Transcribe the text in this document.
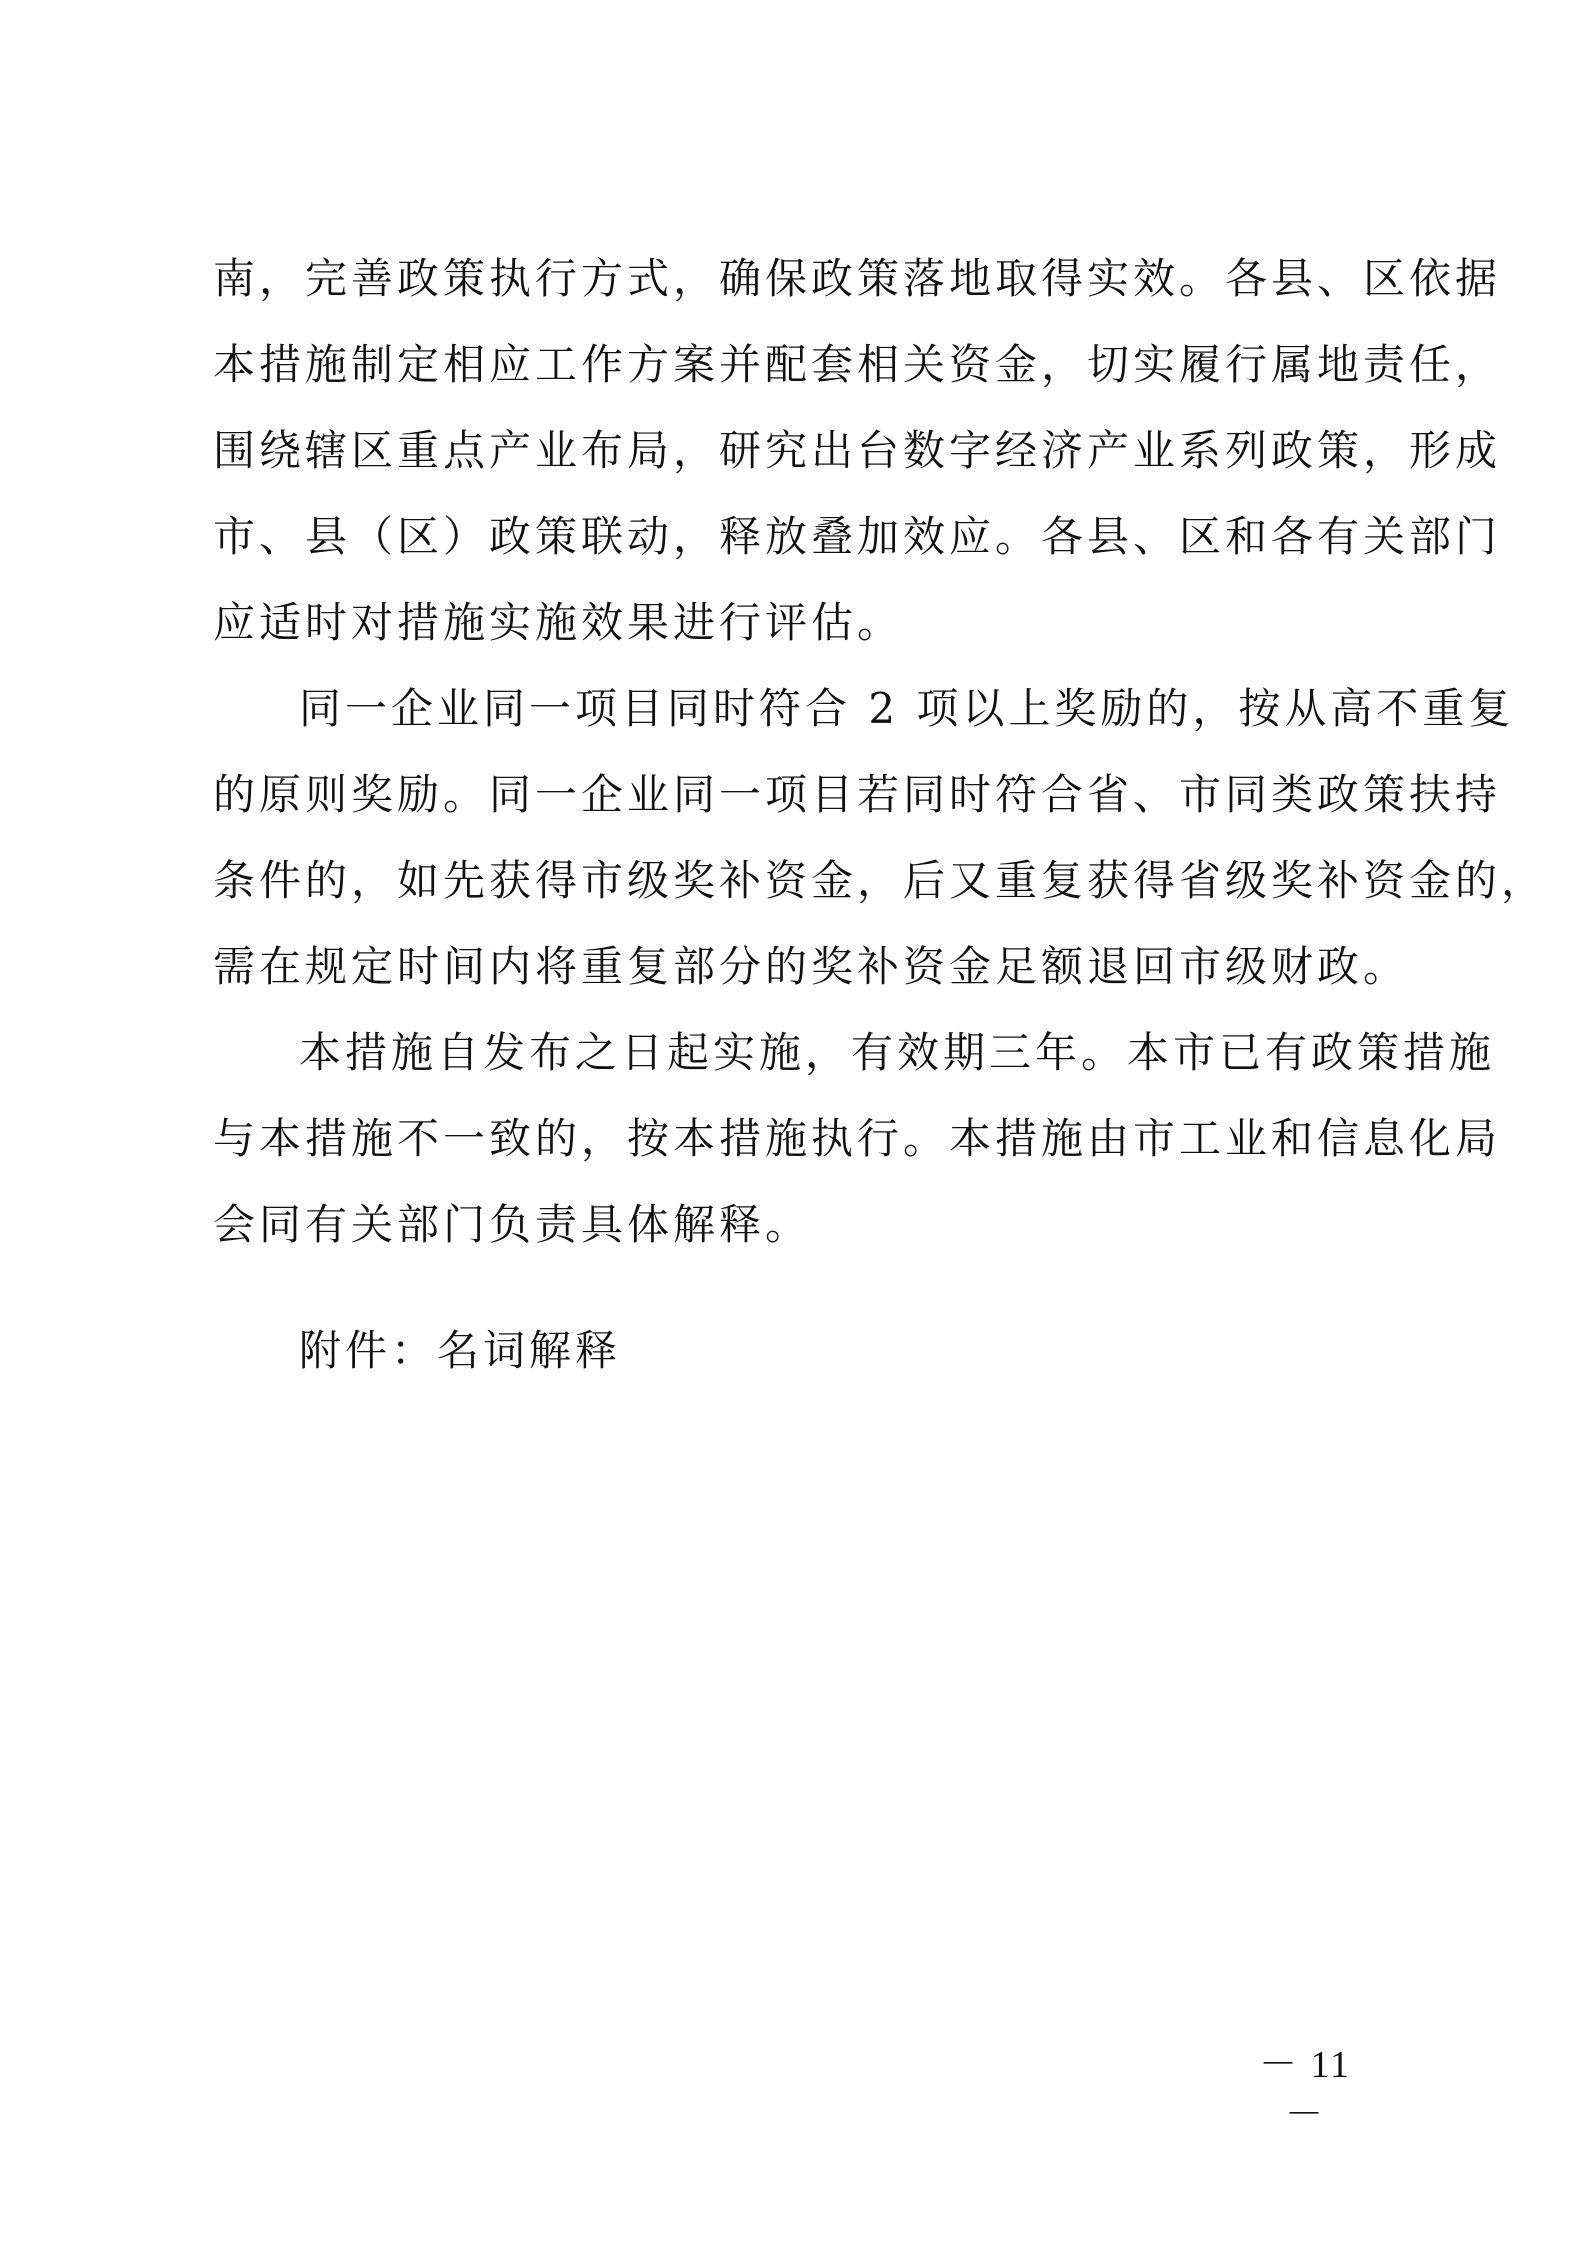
南，完善政策执行方式，确保政策落地取得实效。各县、区依据
本措施制定相应工作方案并配套相关资金，切实履行属地责任，
围绕辖区重点产业布局，研究出台数字经济产业系列政策，形成
市、县（区）政策联动，释放叠加效应。各县、区和各有关部门
应适时对措施实施效果进行评估。
同一企业同一项目同时符合 2 项以上奖励的，按从高不重复
的原则奖励。同一企业同一项目若同时符合省、市同类政策扶持
条件的，如先获得市级奖补资金，后又重复获得省级奖补资金的，
需在规定时间内将重复部分的奖补资金足额退回市级财政。
本措施自发布之日起实施，有效期三年。本市已有政策措施
与本措施不一致的，按本措施执行。本措施由市工业和信息化局
会同有关部门负责具体解释。
附件：名词解释
－ 11 －
